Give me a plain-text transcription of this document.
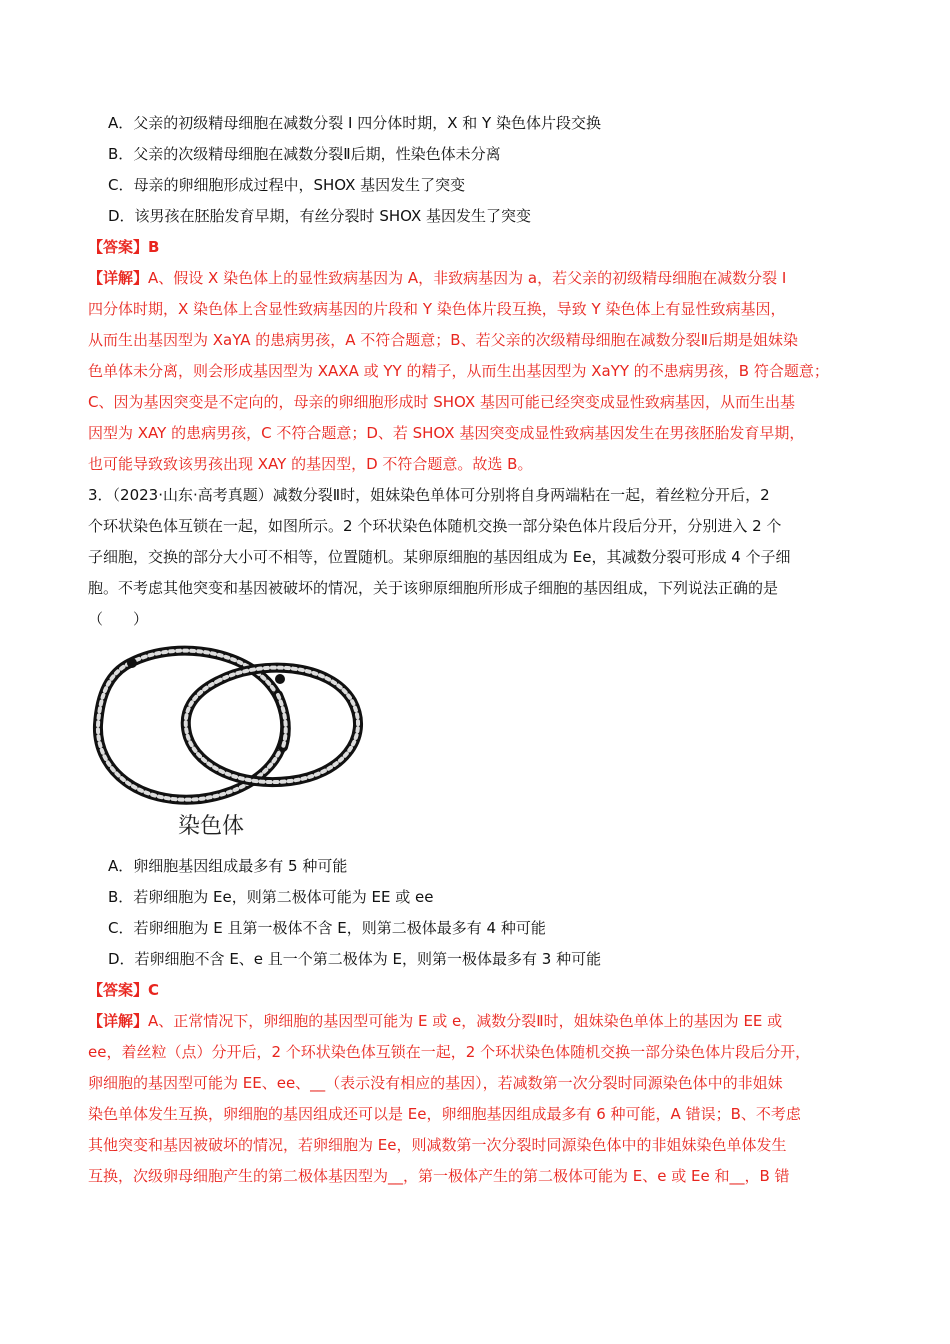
A．父亲的初级精母细胞在减数分裂 I 四分体时期，X 和 Y 染色体片段交换
B．父亲的次级精母细胞在减数分裂Ⅱ后期，性染色体未分离
C．母亲的卵细胞形成过程中，SHOX 基因发生了突变
D．该男孩在胚胎发育早期，有丝分裂时 SHOX 基因发生了突变
【答案】B
【详解】A、假设 X 染色体上的显性致病基因为 A，非致病基因为 a，若父亲的初级精母细胞在减数分裂 I
四分体时期，X 染色体上含显性致病基因的片段和 Y 染色体片段互换，导致 Y 染色体上有显性致病基因，
从而生出基因型为 XaYA 的患病男孩，A 不符合题意；B、若父亲的次级精母细胞在减数分裂Ⅱ后期是姐妹染
色单体未分离，则会形成基因型为 XAXA 或 YY 的精子，从而生出基因型为 XaYY 的不患病男孩，B 符合题意；
C、因为基因突变是不定向的，母亲的卵细胞形成时 SHOX 基因可能已经突变成显性致病基因，从而生出基
因型为 XAY 的患病男孩，C 不符合题意；D、若 SHOX 基因突变成显性致病基因发生在男孩胚胎发育早期，
也可能导致致该男孩出现 XAY 的基因型，D 不符合题意。故选 B。
3．（2023·山东·高考真题）减数分裂Ⅱ时，姐妹染色单体可分别将自身两端粘在一起，着丝粒分开后，2
个环状染色体互锁在一起，如图所示。2 个环状染色体随机交换一部分染色体片段后分开，分别进入 2 个
子细胞，交换的部分大小可不相等，位置随机。某卵原细胞的基因组成为 Ee，其减数分裂可形成 4 个子细
胞。不考虑其他突变和基因被破坏的情况，关于该卵原细胞所形成子细胞的基因组成，下列说法正确的是
（　　）
染色体
A．卵细胞基因组成最多有 5 种可能
B．若卵细胞为 Ee，则第二极体可能为 EE 或 ee
C．若卵细胞为 E 且第一极体不含 E，则第二极体最多有 4 种可能
D．若卵细胞不含 E、e 且一个第二极体为 E，则第一极体最多有 3 种可能
【答案】C
【详解】A、正常情况下，卵细胞的基因型可能为 E 或 e，减数分裂Ⅱ时，姐妹染色单体上的基因为 EE 或
ee，着丝粒（点）分开后，2 个环状染色体互锁在一起，2 个环状染色体随机交换一部分染色体片段后分开，
卵细胞的基因型可能为 EE、ee、__（表示没有相应的基因），若减数第一次分裂时同源染色体中的非姐妹
染色单体发生互换，卵细胞的基因组成还可以是 Ee，卵细胞基因组成最多有 6 种可能，A 错误；B、不考虑
其他突变和基因被破坏的情况，若卵细胞为 Ee，则减数第一次分裂时同源染色体中的非姐妹染色单体发生
互换，次级卵母细胞产生的第二极体基因型为__，第一极体产生的第二极体可能为 E、e 或 Ee 和__，B 错
